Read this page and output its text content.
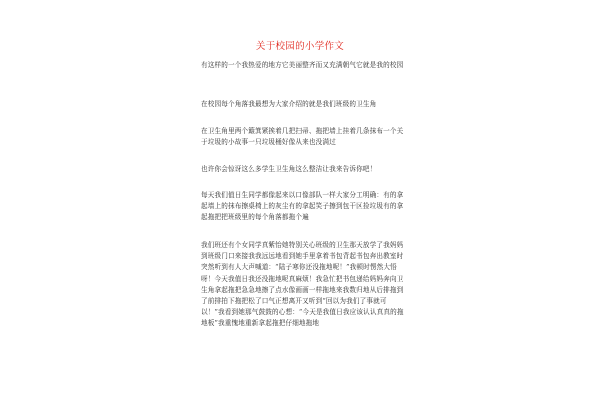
关于校园的小学作文

有这样的一个我热爱的地方它美丽整齐而又充满朝气它就是我的校园

在校园每个角落我最想为大家介绍的就是我们班级的卫生角

在卫生角里两个簸箕紧挨着几把扫帚、拖把墙上挂着几条抹布一个关于垃圾的小故事一只垃圾桶好像从来也没满过

也许你会惊讶这么多学生卫生角这么整洁让我来告诉你吧！

每天我们值日生同学都像起来以口像部队一样大家分工明确：有的拿起墙上的抹布擦桌椅上的灰尘有的拿起笑子擦到包干区捡垃圾有的拿起拖把把班级里的每个角落都拖个遍

我们班还有个女同学真紫怡她特别关心班级的卫生那天放学了我妈妈到班级门口来接我我远远地看到她手里拿着书包背起书包奔出教室时突然听到有人大声喊道：“陆子寒你还没拖地呢！”我顿时愣然大悟呀！今天我值日我还没拖地呢真麻烦！我急忙把书包递给妈妈奔向卫生角拿起拖把急急地擦了点水像画画一样拖地来我数归地从后排拖到了前排拍下拖把松了口气正想离开又听到“回以为我们了事就可以！”我看到她那气鼓鼓的心想：“今天是我值日我应该认认真真的拖地板”我重愧地重新拿起拖把仔细地拖地
